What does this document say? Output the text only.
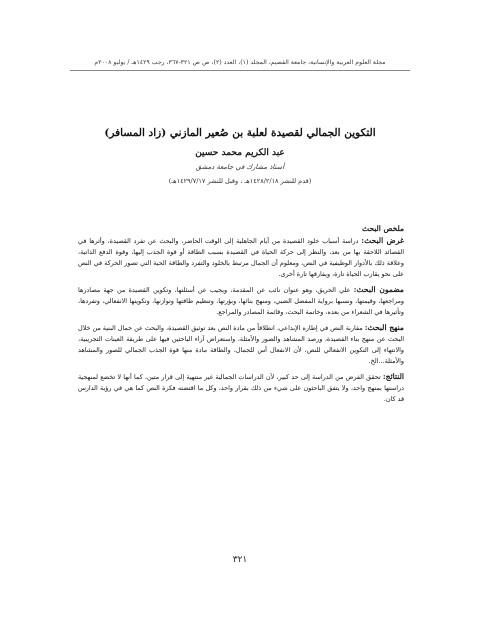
مجلة العلوم العربية والإنسانية، جامعة القصيم، المجلد (١)، العدد (٢)، ص ص ٣٢١-٣٦٧، رجب ١٤٢٩هـ / يوليو ٢٠٠٨م
التكوين الجمالي لقصيدة لعلبة بن صُعير المازني (زاد المسافر)
عبد الكريم محمد حسين
أستاذ مشارك في جامعة دمشق
(قدم للنشر ١٤٢٨/٢/١٨هـ ، وقبل للنشر ١٤٢٩/٧/١٧هـ)
ملخص البحث

غرض البحث: دراسة أسباب خلود القصيدة من أيام الجاهلية إلى الوقت الحاضر، والبحث عن تفرد القصيدة، وأثرها في القصائد اللاحقة بها من بعد، والنظر إلى حركة الحياة في القصيدة بسبب الطاقة أو قوة الجذب إليها، وقوة الدفع الذاتية، وعلاقة ذلك بالأدوار الوظيفية في النص، ومعلوم أن الجمال مرتبط بالخلود والتفرد والطاقة الحية التي تصور الحركة في النص على نحو يقارب الحياة تارة، ويفارقها تارة أخرى.

مضمون البحث: علي الحريق، وهو عنوان نائب عن المقدمة، ويجيب عن أسئلتها، وتكوين القصيدة من جهة مصادرها ومراجعها، وقيمتها، ونسبها برواية المفضل الضبي، ومنهج بنائها، وبؤرتها، وتنظيم طاقتها وتوازنها، وتكوينها الانفعالي، وتفردها، وتأثيرها في الشعراء من بعده، وخاتمة البحث، وقائمة المصادر والمراجع.

منهج البحث: مقاربة النص في إطاره الإبداعي، انطلاقاً من مادة النص بعد توثيق القصيدة، والبحث عن جمال البنية من خلال البحث عن منهج بناء القصيدة، ورصد المشاهد والصور والأمثلة، واستعراض آراء الباحثين فيها على طريقة العينات التجريبية، والانتهاء إلى التكوين الانفعالي للنص، لأن الانفعال أس للجمال، والطاقة مادة منها قوة الجذب الجمالي للصور والمشاهد والأمثلة...الخ.

النتائج: تحقق الفرض من الدراسة إلى حد كبير، لأن الدراسات الجمالية غير منتهية إلى قرار متين، كما أنها لا تخضع لمنهجية دراستها بمنهج واحد، ولا يتفق الباحثون على شيء من ذلك بقرار واحد، وكل ما اقتضته فكرة النص كما هي في رؤية الدارس قد كان.

٣٢١
